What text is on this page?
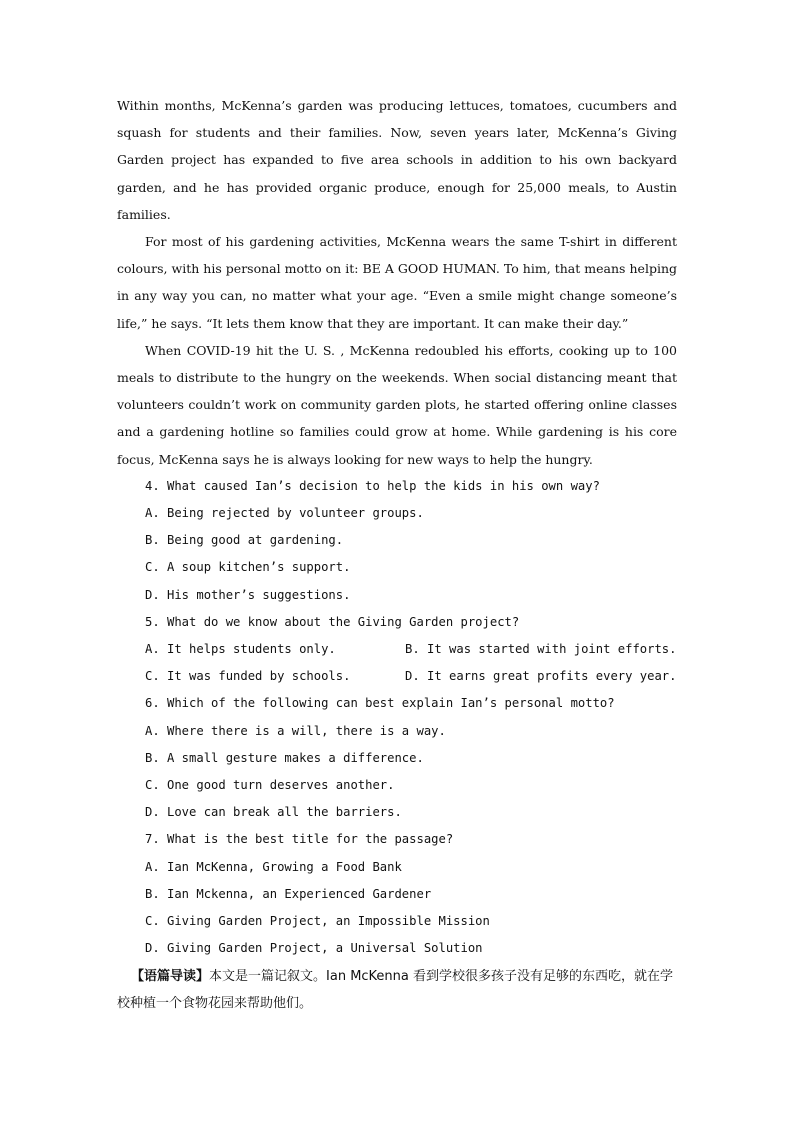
Within months, McKenna’s garden was producing lettuces, tomatoes, cucumbers and squash for students and their families. Now, seven years later, McKenna’s Giving Garden project has expanded to five area schools in addition to his own backyard garden, and he has provided organic produce, enough for 25,000 meals, to Austin families.

For most of his gardening activities, McKenna wears the same T-shirt in different colours, with his personal motto on it: BE A GOOD HUMAN. To him, that means helping in any way you can, no matter what your age. “Even a smile might change someone’s life,” he says. “It lets them know that they are important. It can make their day.”

When COVID-19 hit the U. S. , McKenna redoubled his efforts, cooking up to 100 meals to distribute to the hungry on the weekends. When social distancing meant that volunteers couldn’t work on community garden plots, he started offering online classes and a gardening hotline so families could grow at home. While gardening is his core focus, McKenna says he is always looking for new ways to help the hungry.

4. What caused Ian’s decision to help the kids in his own way?

A. Being rejected by volunteer groups.

B. Being good at gardening.

C. A soup kitchen’s support.

D. His mother’s suggestions.

5. What do we know about the Giving Garden project?

A. It helps students only.	B. It was started with joint efforts.
C. It was funded by schools.	D. It earns great profits every year.

6. Which of the following can best explain Ian’s personal motto?

A. Where there is a will, there is a way.

B. A small gesture makes a difference.

C. One good turn deserves another.

D. Love can break all the barriers.

7. What is the best title for the passage?

A. Ian McKenna, Growing a Food Bank

B. Ian Mckenna, an Experienced Gardener

C. Giving Garden Project, an Impossible Mission

D. Giving Garden Project, a Universal Solution

【语篇导读】本文是一篇记叙文。Ian McKenna 看到学校很多孩子没有足够的东西吃，就在学校种植一个食物花园来帮助他们。
